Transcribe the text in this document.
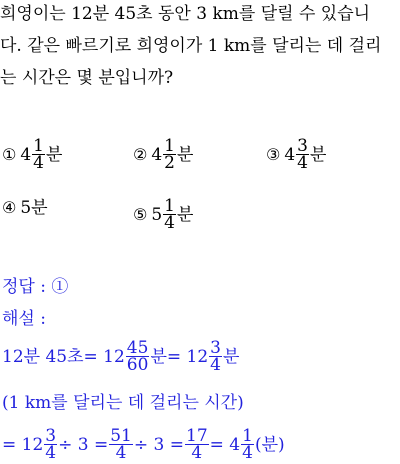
희영이는 12분 45초 동안 3 km를 달릴 수 있습니
다. 같은 빠르기로 희영이가 1 km를 달리는 데 걸리
는 시간은 몇 분입니까?
① $4 \frac{1}{4}$ 분	② $4 \frac{1}{2}$ 분	③ $4 \frac{3}{4}$ 분
④ 5 분	⑤ $5 \frac{1}{4}$ 분
정답 : ①
해설 :
12분 45초 = $12 \frac{45}{60}$ 분 = $12 \frac{3}{4}$ 분
(1 km를 달리는 데 걸리는 시간)
= $12 \frac{3}{4} \div 3 = \frac{51}{4} \div 3 = \frac{17}{4} = 4 \frac{1}{4}$ (분)
